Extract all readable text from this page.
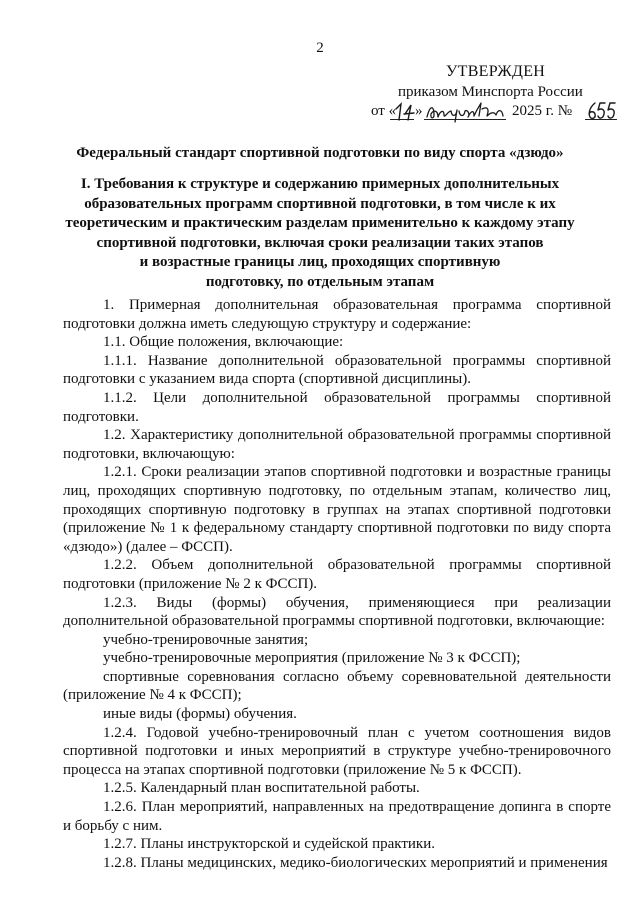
2
УТВЕРЖДЕН
приказом Минспорта России
от « »	2025 г. №
Федеральный стандарт спортивной подготовки по виду спорта «дзюдо»
I. Требования к структуре и содержанию примерных дополнительных
образовательных программ спортивной подготовки, в том числе к их
теоретическим и практическим разделам применительно к каждому этапу
спортивной подготовки, включая сроки реализации таких этапов
и возрастные границы лиц, проходящих спортивную
подготовку, по отдельным этапам

1. Примерная дополнительная образовательная программа спортивной подготовки должна иметь следующую структуру и содержание:

1.1. Общие положения, включающие:

1.1.1. Название дополнительной образовательной программы спортивной подготовки с указанием вида спорта (спортивной дисциплины).

1.1.2. Цели дополнительной образовательной программы спортивной подготовки.

1.2. Характеристику дополнительной образовательной программы спортивной подготовки, включающую:

1.2.1. Сроки реализации этапов спортивной подготовки и возрастные границы лиц, проходящих спортивную подготовку, по отдельным этапам, количество лиц, проходящих спортивную подготовку в группах на этапах спортивной подготовки (приложение № 1 к федеральному стандарту спортивной подготовки по виду спорта «дзюдо») (далее – ФССП).

1.2.2. Объем дополнительной образовательной программы спортивной подготовки (приложение № 2 к ФССП).

1.2.3. Виды (формы) обучения, применяющиеся при реализации дополнительной образовательной программы спортивной подготовки, включающие:

учебно-тренировочные занятия;

учебно-тренировочные мероприятия (приложение № 3 к ФССП);

спортивные соревнования согласно объему соревновательной деятельности (приложение № 4 к ФССП);

иные виды (формы) обучения.

1.2.4. Годовой учебно-тренировочный план с учетом соотношения видов спортивной подготовки и иных мероприятий в структуре учебно-тренировочного процесса на этапах спортивной подготовки (приложение № 5 к ФССП).

1.2.5. Календарный план воспитательной работы.

1.2.6. План мероприятий, направленных на предотвращение допинга в спорте и борьбу с ним.

1.2.7. Планы инструкторской и судейской практики.

1.2.8. Планы медицинских, медико-биологических мероприятий и применения
